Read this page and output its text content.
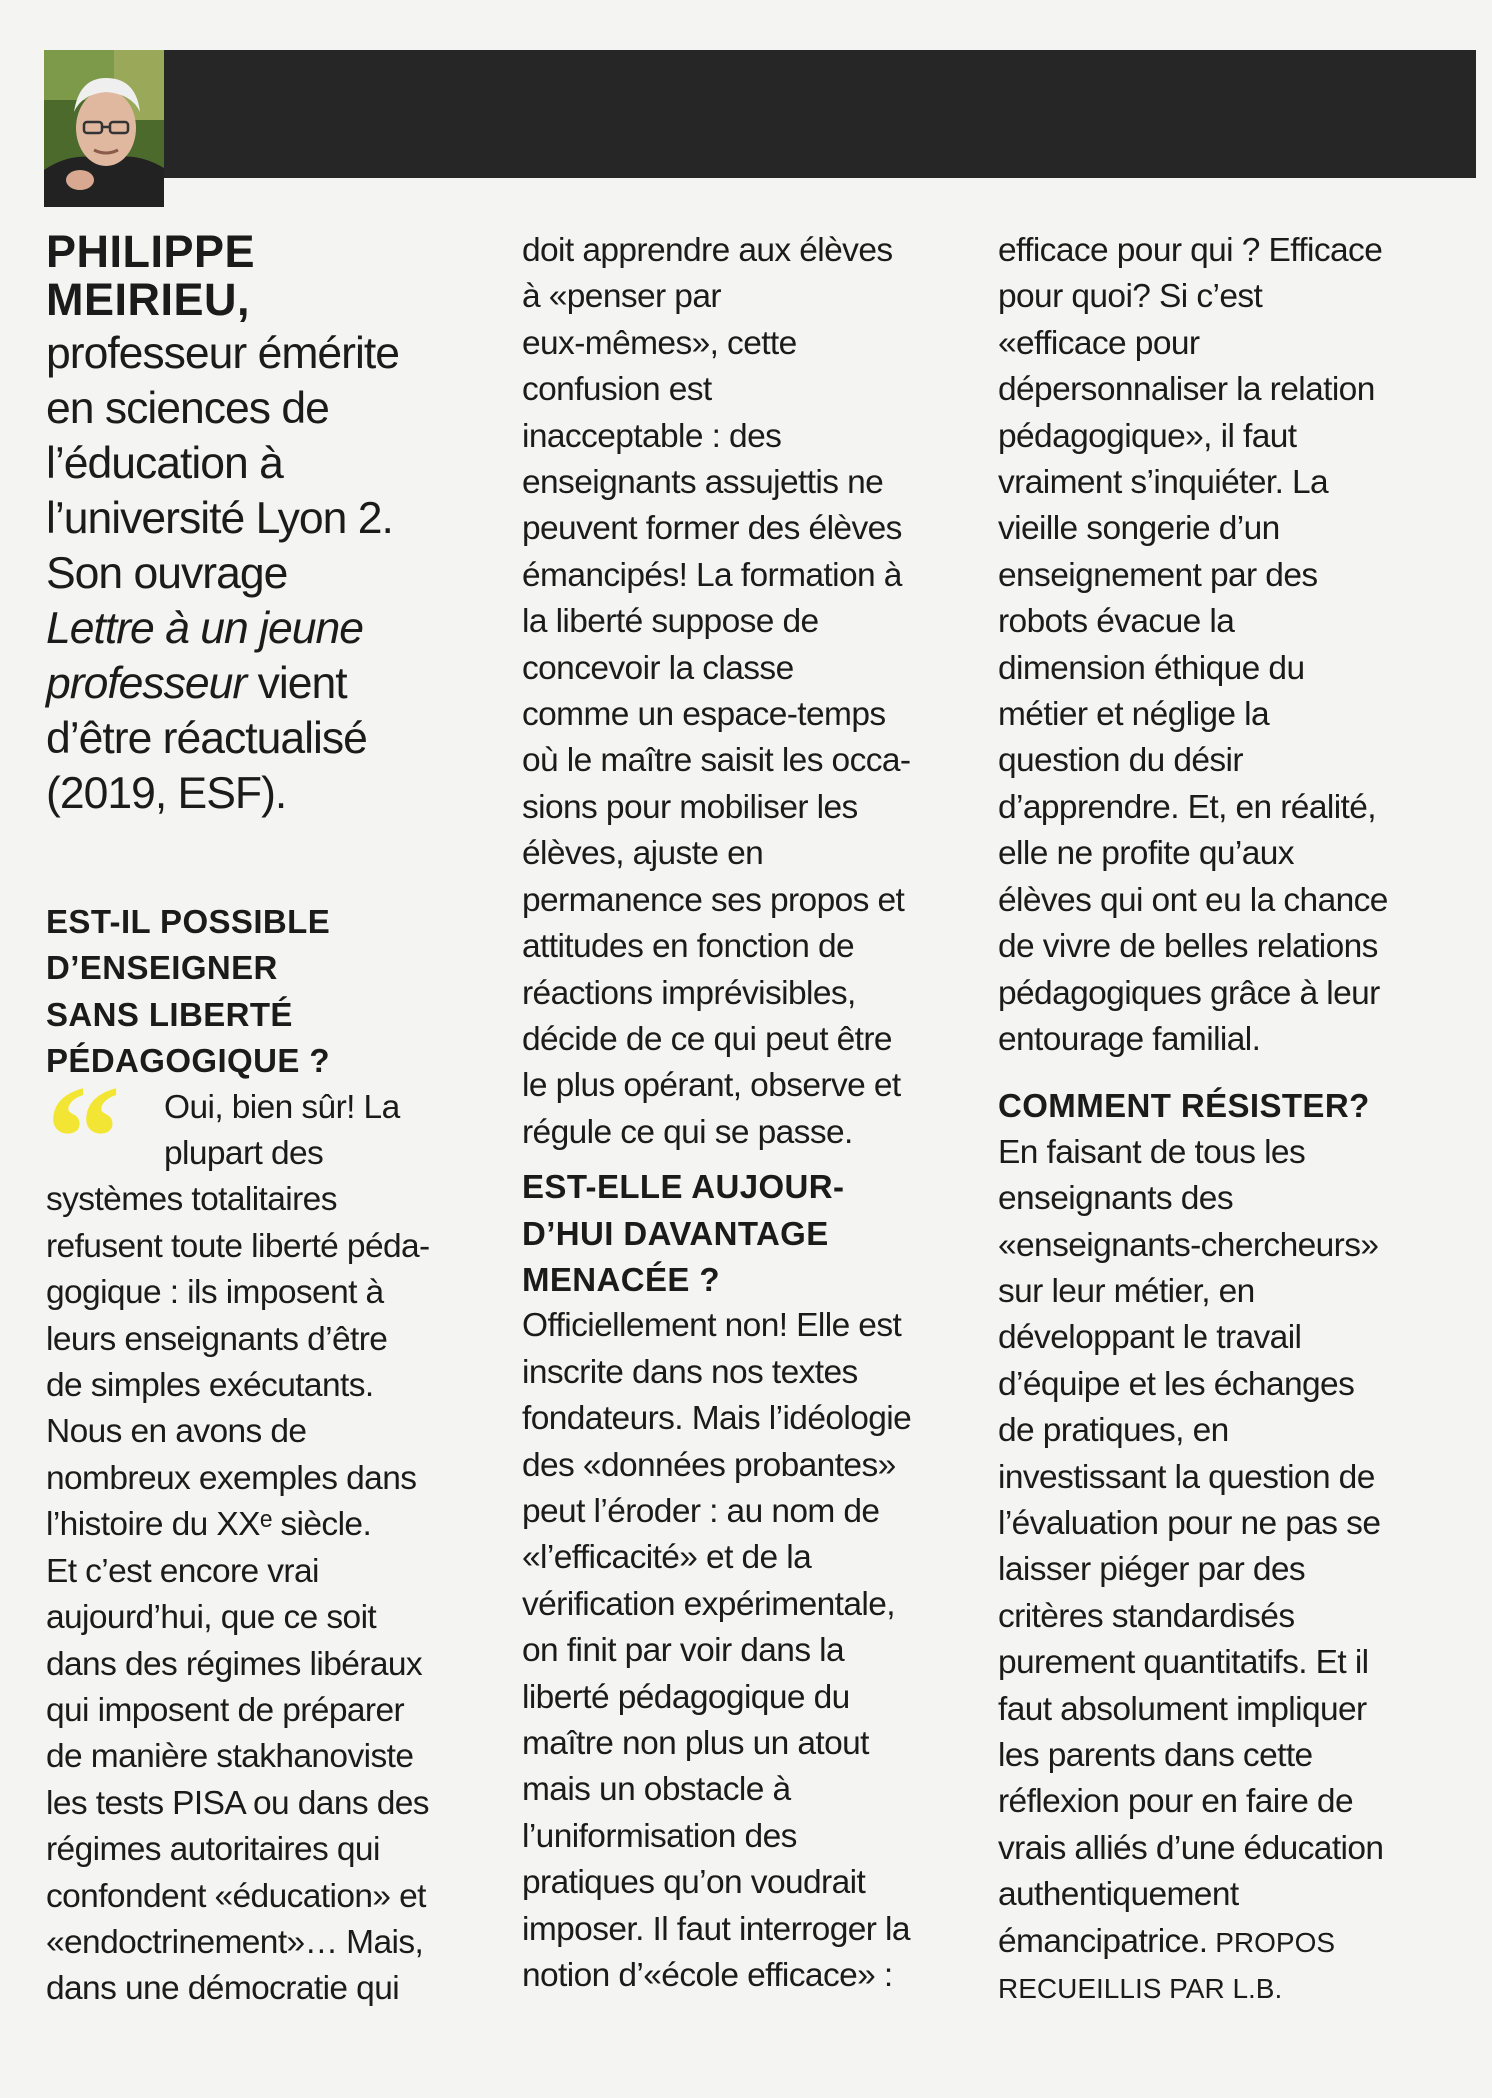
PHILIPPE
MEIRIEU,
professeur émérite
en sciences de
l’éducation à
l’université Lyon 2.
Son ouvrage
Lettre à un jeune
professeur vient
d’être réactualisé
(2019, ESF).
EST-IL POSSIBLE
D’ENSEIGNER
SANS LIBERTÉ
PÉDAGOGIQUE ?
“	Oui, bien sûr! La
plupart des
systèmes totalitaires
refusent toute liberté péda-
gogique : ils imposent à
leurs enseignants d’être
de simples exécutants.
Nous en avons de
nombreux exemples dans
l’histoire du XXᵉ siècle.
Et c’est encore vrai
aujourd’hui, que ce soit
dans des régimes libéraux
qui imposent de préparer
de manière stakhanoviste
les tests PISA ou dans des
régimes autoritaires qui
confondent «éducation» et
«endoctrinement»… Mais,
dans une démocratie qui
doit apprendre aux élèves
à «penser par
eux-mêmes», cette
confusion est
inacceptable : des
enseignants assujettis ne
peuvent former des élèves
émancipés! La formation à
la liberté suppose de
concevoir la classe
comme un espace-temps
où le maître saisit les occa-
sions pour mobiliser les
élèves, ajuste en
permanence ses propos et
attitudes en fonction de
réactions imprévisibles,
décide de ce qui peut être
le plus opérant, observe et
régule ce qui se passe.
EST-ELLE AUJOUR-
D’HUI DAVANTAGE
MENACÉE ?
Officiellement non! Elle est
inscrite dans nos textes
fondateurs. Mais l’idéologie
des «données probantes»
peut l’éroder : au nom de
«l’efficacité» et de la
vérification expérimentale,
on finit par voir dans la
liberté pédagogique du
maître non plus un atout
mais un obstacle à
l’uniformisation des
pratiques qu’on voudrait
imposer. Il faut interroger la
notion d’«école efficace» :
efficace pour qui ? Efficace
pour quoi? Si c’est
«efficace pour
dépersonnaliser la relation
pédagogique», il faut
vraiment s’inquiéter. La
vieille songerie d’un
enseignement par des
robots évacue la
dimension éthique du
métier et néglige la
question du désir
d’apprendre. Et, en réalité,
elle ne profite qu’aux
élèves qui ont eu la chance
de vivre de belles relations
pédagogiques grâce à leur
entourage familial.
COMMENT RÉSISTER?
En faisant de tous les
enseignants des
«enseignants-chercheurs»
sur leur métier, en
développant le travail
d’équipe et les échanges
de pratiques, en
investissant la question de
l’évaluation pour ne pas se
laisser piéger par des
critères standardisés
purement quantitatifs. Et il
faut absolument impliquer
les parents dans cette
réflexion pour en faire de
vrais alliés d’une éducation
authentiquement
émancipatrice. PROPOS
RECUEILLIS PAR L.B.
